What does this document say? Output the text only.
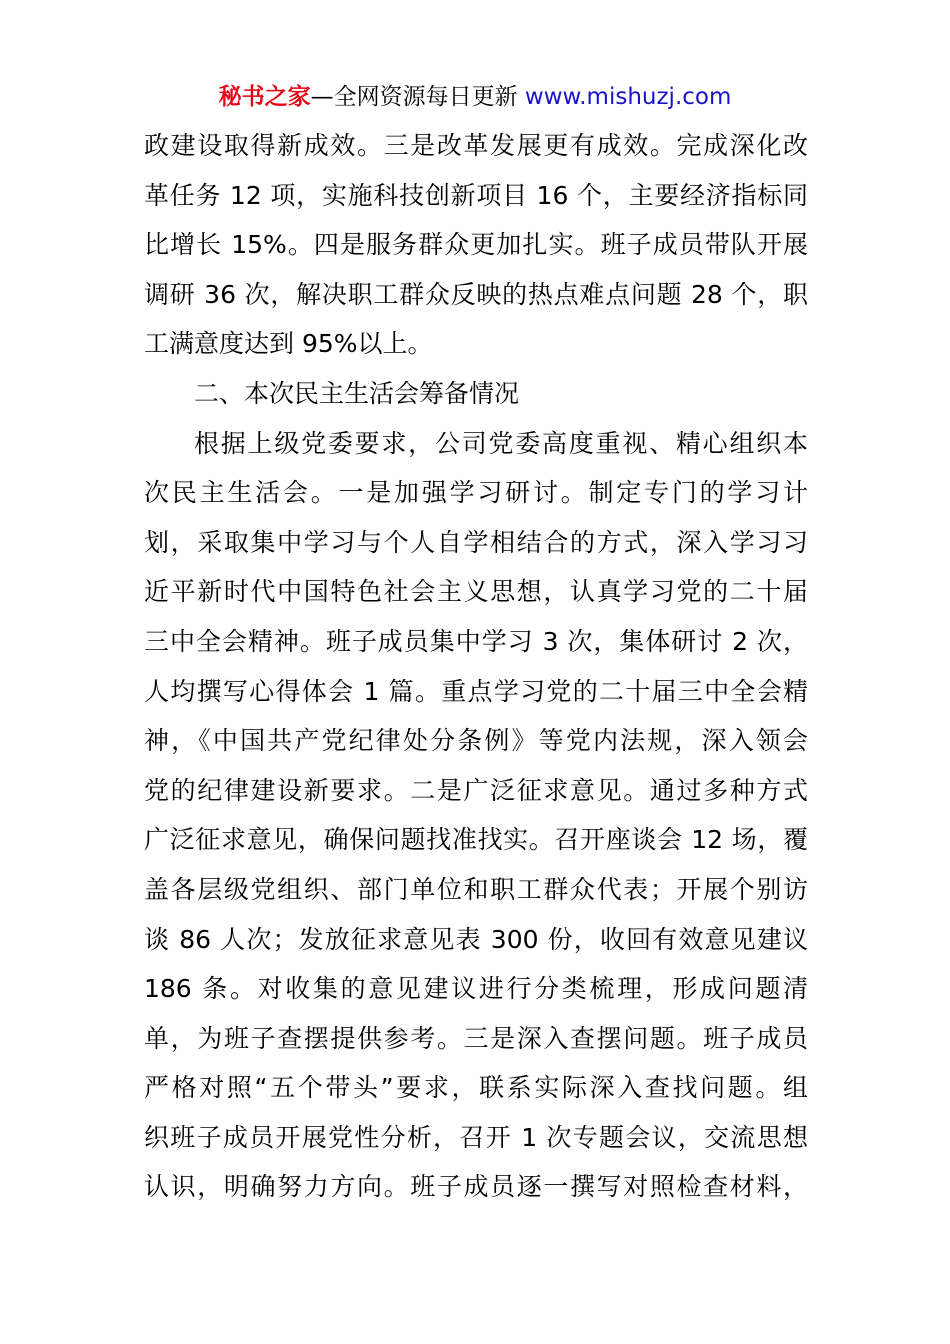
秘书之家—全网资源每日更新 www.mishuzj.com
政建设取得新成效。三是改革发展更有成效。完成深化改
革任务 12 项，实施科技创新项目 16 个，主要经济指标同
比增长 15%。四是服务群众更加扎实。班子成员带队开展
调研 36 次，解决职工群众反映的热点难点问题 28 个，职
工满意度达到 95%以上。
二、本次民主生活会筹备情况
根据上级党委要求，公司党委高度重视、精心组织本
次民主生活会。一是加强学习研讨。制定专门的学习计
划，采取集中学习与个人自学相结合的方式，深入学习习
近平新时代中国特色社会主义思想，认真学习党的二十届
三中全会精神。班子成员集中学习 3 次，集体研讨 2 次，
人均撰写心得体会 1 篇。重点学习党的二十届三中全会精
神，《中国共产党纪律处分条例》等党内法规，深入领会
党的纪律建设新要求。二是广泛征求意见。通过多种方式
广泛征求意见，确保问题找准找实。召开座谈会 12 场，覆
盖各层级党组织、部门单位和职工群众代表；开展个别访
谈 86 人次；发放征求意见表 300 份，收回有效意见建议
186 条。对收集的意见建议进行分类梳理，形成问题清
单，为班子查摆提供参考。三是深入查摆问题。班子成员
严格对照“五个带头”要求，联系实际深入查找问题。组
织班子成员开展党性分析，召开 1 次专题会议，交流思想
认识，明确努力方向。班子成员逐一撰写对照检查材料，
